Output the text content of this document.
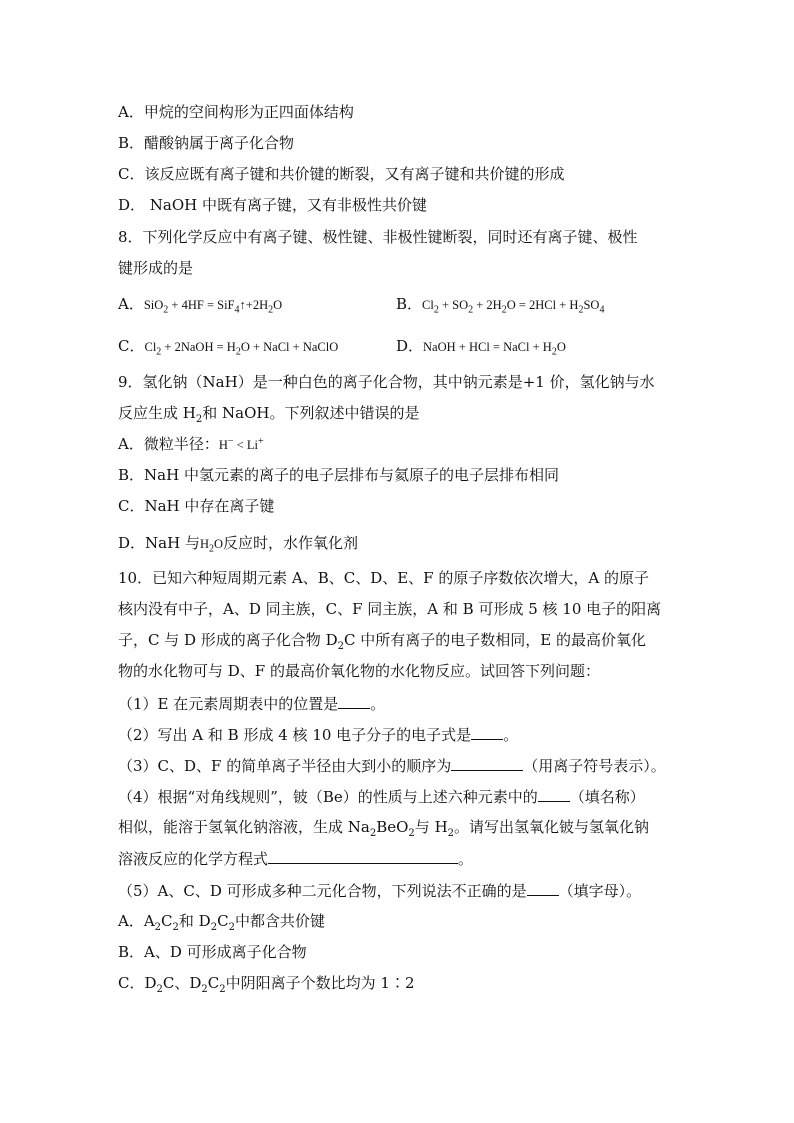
A．甲烷的空间构形为正四面体结构
B．醋酸钠属于离子化合物
C．该反应既有离子键和共价键的断裂，又有离子键和共价键的形成
D． NaOH 中既有离子键，又有非极性共价键
8．下列化学反应中有离子键、极性键、非极性键断裂，同时还有离子键、极性
键形成的是
A．$SiO_2 + 4HF = SiF_4↑+2H_2O$	B．$Cl_2 + SO_2 + 2H_2O = 2HCl + H_2SO_4$
C．$Cl_2$ + 2NaOH = $H_2O$ + NaCl + NaClO	D．NaOH + HCl = NaCl + $H_2O$
9．氢化钠（NaH）是一种白色的离子化合物，其中钠元素是+1 价，氢化钠与水
反应生成 $H_2$和 NaOH。下列叙述中错误的是
A．微粒半径：H− < Li+
B．NaH 中氢元素的离子的电子层排布与氦原子的电子层排布相同
C．NaH 中存在离子键
D．NaH 与$H_2O$反应时，水作氧化剂
10．已知六种短周期元素 A、B、C、D、E、F 的原子序数依次增大，A 的原子
核内没有中子，A、D 同主族，C、F 同主族，A 和 B 可形成 5 核 10 电子的阳离
子，C 与 D 形成的离子化合物 $D_2C$ 中所有离子的电子数相同，E 的最高价氧化
物的水化物可与 D、F 的最高价氧化物的水化物反应。试回答下列问题：
（1）E 在元素周期表中的位置是 。
（2）写出 A 和 B 形成 4 核 10 电子分子的电子式是 。
（3）C、D、F 的简单离子半径由大到小的顺序为	（用离子符号表示）。
（4）根据“对角线规则”，铍（Be）的性质与上述六种元素中的 （填名称）
相似，能溶于氢氧化钠溶液，生成 $Na_2BeO_2$与 $H_2$。请写出氢氧化铍与氢氧化钠
溶液反应的化学方程式	。
（5）A、C、D 可形成多种二元化合物，下列说法不正确的是 （填字母）。
A．$A_2C_2$和 $D_2C_2$中都含共价键
B．A、D 可形成离子化合物
C．$D_2C$、$D_2C_2$中阴阳离子个数比均为 1∶2
